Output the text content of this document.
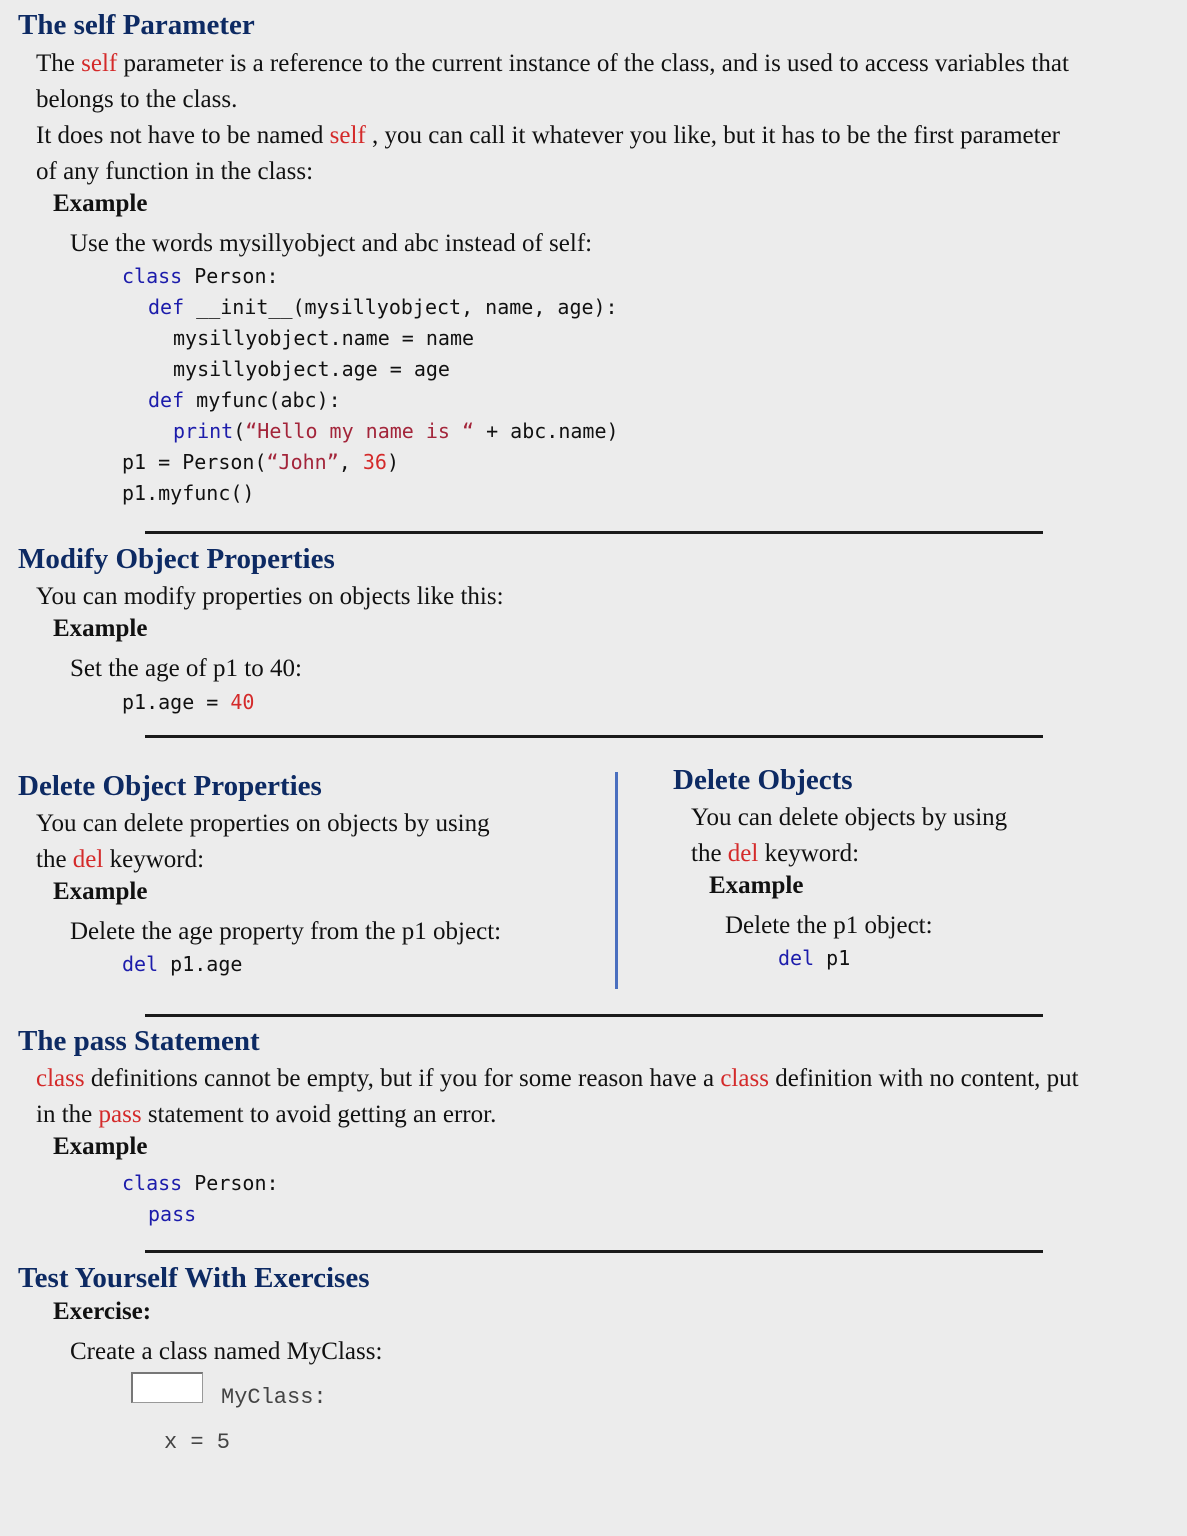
The self Parameter
The self parameter is a reference to the current instance of the class, and is used to access variables that
belongs to the class.
It does not have to be named self , you can call it whatever you like, but it has to be the first parameter
of any function in the class:
Example
Use the words mysillyobject and abc instead of self:
class Person:
def __init__(mysillyobject, name, age):
mysillyobject.name = name
mysillyobject.age = age
def myfunc(abc):
print(“Hello my name is “ + abc.name)
p1 = Person(“John”, 36)
p1.myfunc()
Modify Object Properties
You can modify properties on objects like this:
Example
Set the age of p1 to 40:
p1.age = 40
Delete Object Properties
You can delete properties on objects by using
the del keyword:
Example
Delete the age property from the p1 object:
del p1.age
Delete Objects
You can delete objects by using
the del keyword:
Example
Delete the p1 object:
del p1
The pass Statement
class definitions cannot be empty, but if you for some reason have a class definition with no content, put
in the pass statement to avoid getting an error.
Example
class Person:
pass
Test Yourself With Exercises
Exercise:
Create a class named MyClass:
MyClass:
x = 5
